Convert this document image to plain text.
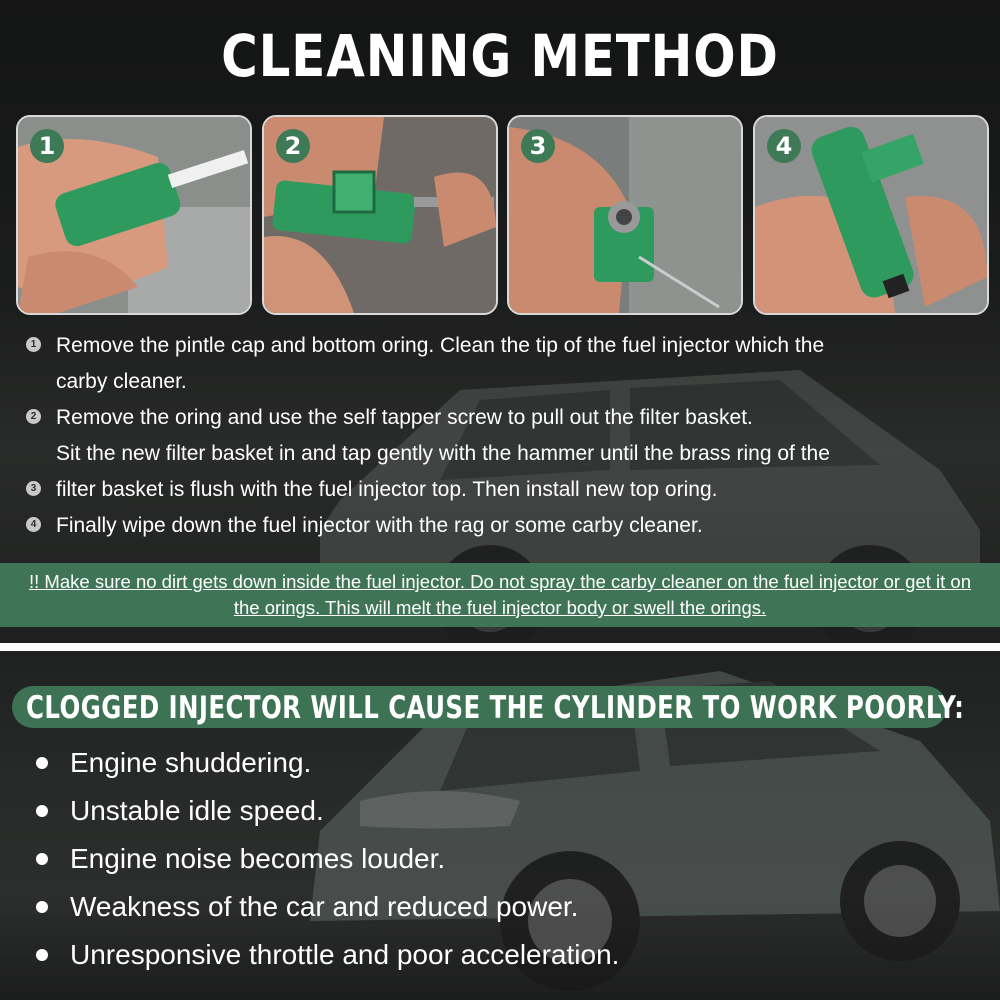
CLEANING METHOD
1	2	3	4
1 Remove the pintle cap and bottom oring. Clean the tip of the fuel injector which the
carby cleaner.
2 Remove the oring and use the self tapper screw to pull out the filter basket.
Sit the new filter basket in and tap gently with the hammer until the brass ring of the
3 filter basket is flush with the fuel injector top. Then install new top oring.
4 Finally wipe down the fuel injector with the rag or some carby cleaner.

!! Make sure no dirt gets down inside the fuel injector. Do not spray the carby cleaner on the fuel injector or get it on the orings. This will melt the fuel injector body or swell the orings.

CLOGGED INJECTOR WILL CAUSE THE CYLINDER TO WORK POORLY:
Engine shuddering.
Unstable idle speed.
Engine noise becomes louder.
Weakness of the car and reduced power.
Unresponsive throttle and poor acceleration.
